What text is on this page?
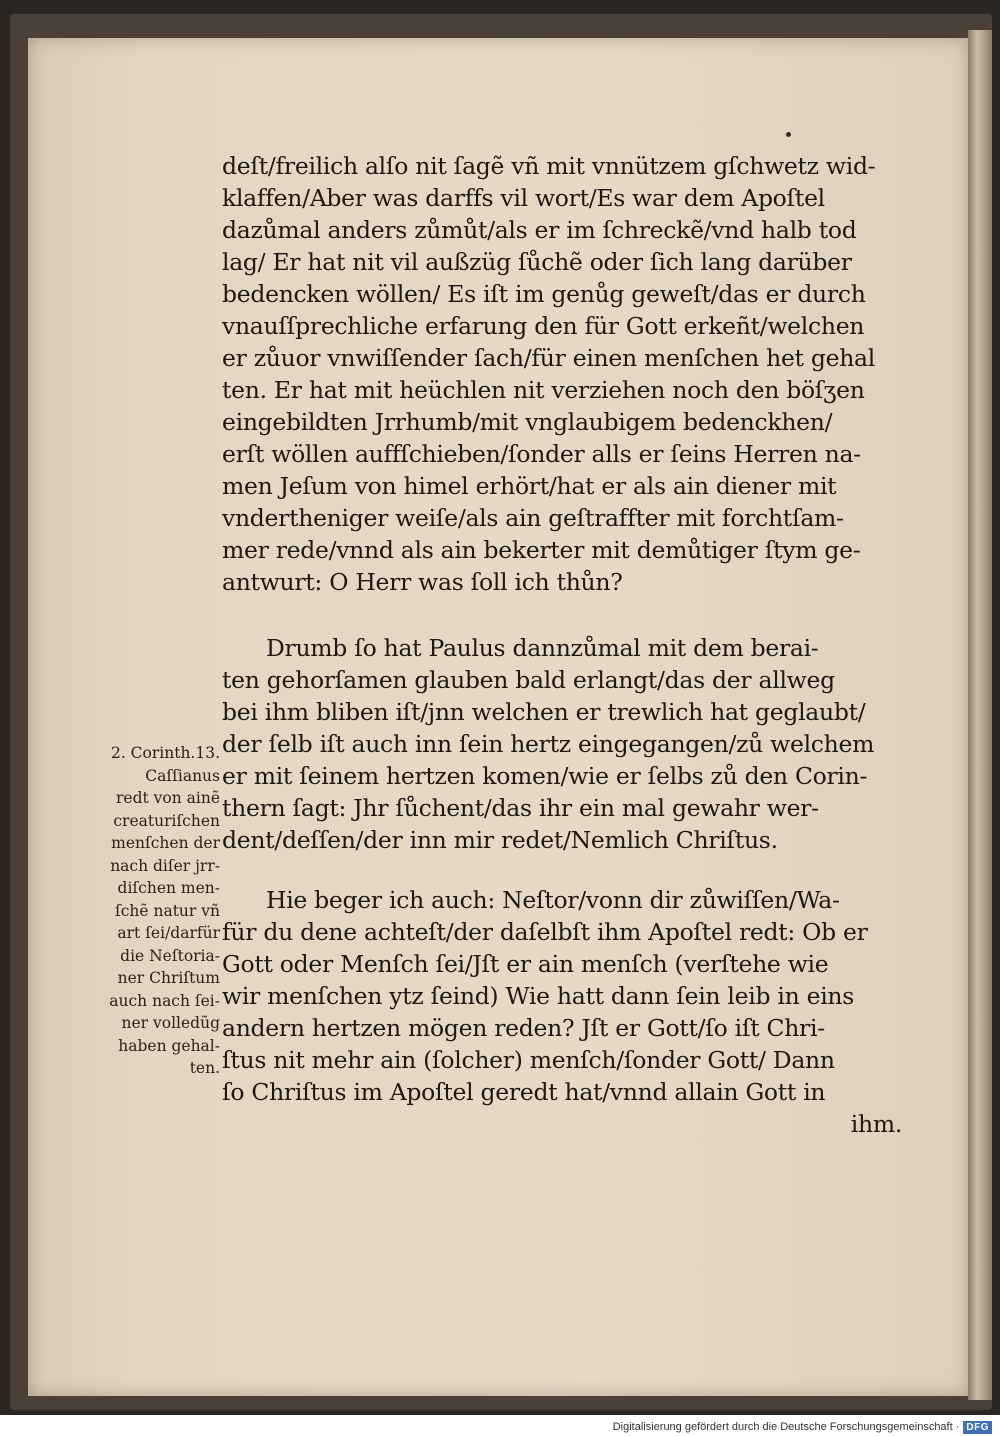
deſt/freilich alſo nit ſagẽ vñ mit vnnützem gſchwetz wid-
klaffen/Aber was darffs vil wort/Es war dem Apoſtel
dazůmal anders zůmůt/als er im ſchreckẽ/vnd halb tod
lag/ Er hat nit vil außzüg ſůchẽ oder ſich lang darüber
bedencken wöllen/ Es iſt im genůg geweſt/das er durch
vnauſſprechliche erfarung den für Gott erkeñt/welchen
er zůuor vnwiſſender ſach/für einen menſchen het gehal
ten. Er hat mit heüchlen nit verziehen noch den böſʒen
eingebildten Jrrhumb/mit vnglaubigem bedenckhen/
erſt wöllen auffſchieben/ſonder alls er ſeins Herren na-
men Jeſum von himel erhört/hat er als ain diener mit
vndertheniger weiſe/als ain geſtraffter mit forchtſam-
mer rede/vnnd als ain bekerter mit demůtiger ſtym ge-
antwurt: O Herr was ſoll ich thůn?
Drumb ſo hat Paulus dannzůmal mit dem berai-
ten gehorſamen glauben bald erlangt/das der allweg
bei ihm bliben iſt/jnn welchen er trewlich hat geglaubt/
der ſelb iſt auch inn ſein hertz eingegangen/zů welchem
er mit ſeinem hertzen komen/wie er ſelbs zů den Corin-
thern ſagt: Jhr ſůchent/das ihr ein mal gewahr wer-
dent/deſſen/der inn mir redet/Nemlich Chriſtus.
Hie beger ich auch: Neſtor/vonn dir zůwiſſen/Wa-
für du dene achteſt/der daſelbſt ihm Apoſtel redt: Ob er
Gott oder Menſch ſei/Jſt er ain menſch (verſtehe wie
wir menſchen ytz ſeind) Wie hatt dann ſein leib in eins
andern hertzen mögen reden? Jſt er Gott/ſo iſt Chri-
ſtus nit mehr ain (ſolcher) menſch/ſonder Gott/ Dann
ſo Chriſtus im Apoſtel geredt hat/vnnd allain Gott in
ihm.
2. Corinth.13.
Caſſianus
redt von ainẽ
creaturiſchen
menſchen der
nach diſer jrr-
diſchen men-
ſchẽ natur vñ
art ſei/darfür
die Neſtoria-
ner Chriſtum
auch nach ſei-
ner volledũg
haben gehal-
ten.
Digitalisierung gefördert durch die Deutsche Forschungsgemeinschaft · DFG
